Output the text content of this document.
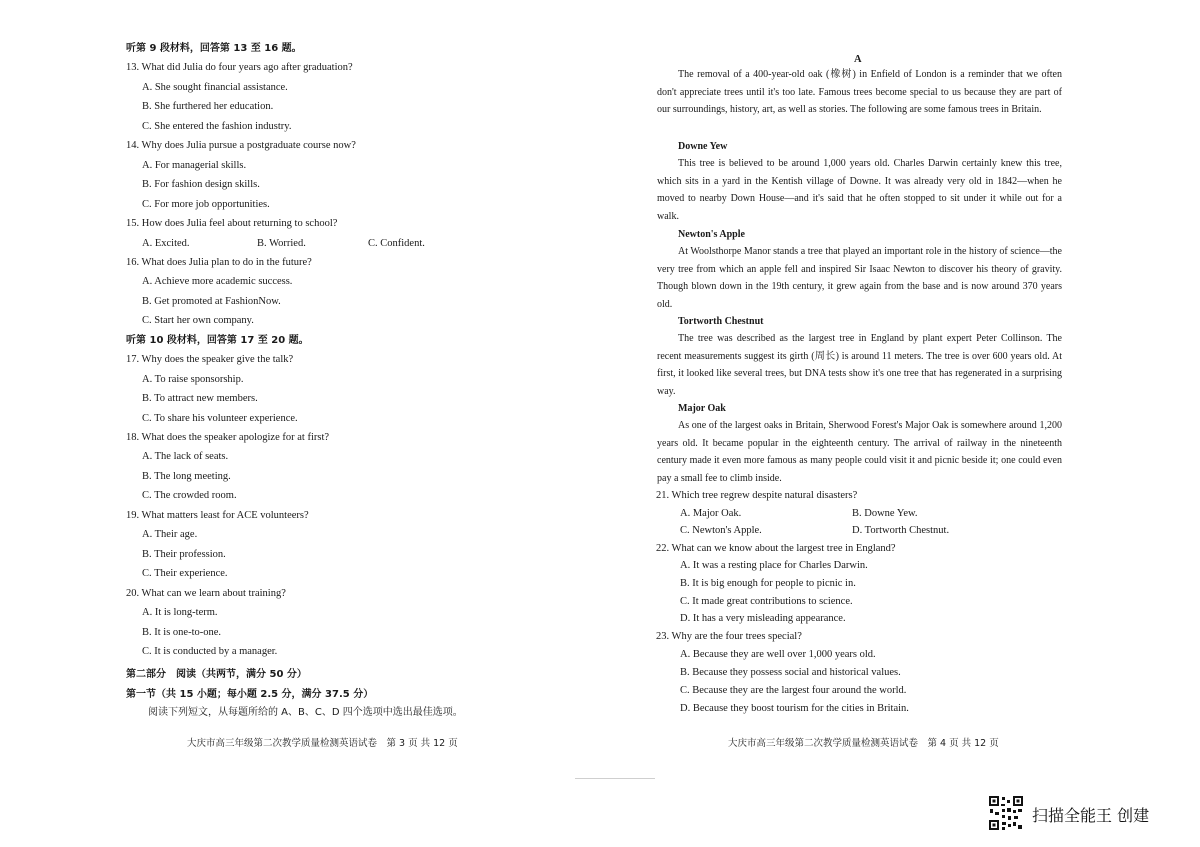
听第 9 段材料，回答第 13 至 16 题。
13. What did Julia do four years ago after graduation?
A. She sought financial assistance.
B. She furthered her education.
C. She entered the fashion industry.
14. Why does Julia pursue a postgraduate course now?
A. For managerial skills.
B. For fashion design skills.
C. For more job opportunities.
15. How does Julia feel about returning to school?
A. Excited.	B. Worried.	C. Confident.
16. What does Julia plan to do in the future?
A. Achieve more academic success.
B. Get promoted at FashionNow.
C. Start her own company.
听第 10 段材料，回答第 17 至 20 题。
17. Why does the speaker give the talk?
A. To raise sponsorship.
B. To attract new members.
C. To share his volunteer experience.
18. What does the speaker apologize for at first?
A. The lack of seats.
B. The long meeting.
C. The crowded room.
19. What matters least for ACE volunteers?
A. Their age.
B. Their profession.
C. Their experience.
20. What can we learn about training?
A. It is long-term.
B. It is one-to-one.
C. It is conducted by a manager.
第二部分　阅读（共两节，满分 50 分）
第一节（共 15 小题；每小题 2.5 分，满分 37.5 分）
阅读下列短文，从每题所给的 A、B、C、D 四个选项中选出最佳选项。
大庆市高三年级第二次教学质量检测英语试卷　第 3 页 共 12 页
A

The removal of a 400-year-old oak (橡树) in Enfield of London is a reminder that we often don't appreciate trees until it's too late. Famous trees become special to us because they are part of our surroundings, history, art, as well as stories. The following are some famous trees in Britain.

Downe Yew

This tree is believed to be around 1,000 years old. Charles Darwin certainly knew this tree, which sits in a yard in the Kentish village of Downe. It was already very old in 1842—when he moved to nearby Down House—and it's said that he often stopped to sit under it while out for a walk.

Newton's Apple

At Woolsthorpe Manor stands a tree that played an important role in the history of science—the very tree from which an apple fell and inspired Sir Isaac Newton to discover his theory of gravity. Though blown down in the 19th century, it grew again from the base and is now around 370 years old.

Tortworth Chestnut

The tree was described as the largest tree in England by plant expert Peter Collinson. The recent measurements suggest its girth (周长) is around 11 meters. The tree is over 600 years old. At first, it looked like several trees, but DNA tests show it's one tree that has regenerated in a surprising way.

Major Oak

As one of the largest oaks in Britain, Sherwood Forest's Major Oak is somewhere around 1,200 years old. It became popular in the eighteenth century. The arrival of railway in the nineteenth century made it even more famous as many people could visit it and picnic beside it; one could even pay a small fee to climb inside.

21. Which tree regrew despite natural disasters?
A. Major Oak.	B. Downe Yew.
C. Newton's Apple.	D. Tortworth Chestnut.
22. What can we know about the largest tree in England?
A. It was a resting place for Charles Darwin.
B. It is big enough for people to picnic in.
C. It made great contributions to science.
D. It has a very misleading appearance.
23. Why are the four trees special?
A. Because they are well over 1,000 years old.
B. Because they possess social and historical values.
C. Because they are the largest four around the world.
D. Because they boost tourism for the cities in Britain.
大庆市高三年级第二次教学质量检测英语试卷　第 4 页 共 12 页
扫描全能王 创建
